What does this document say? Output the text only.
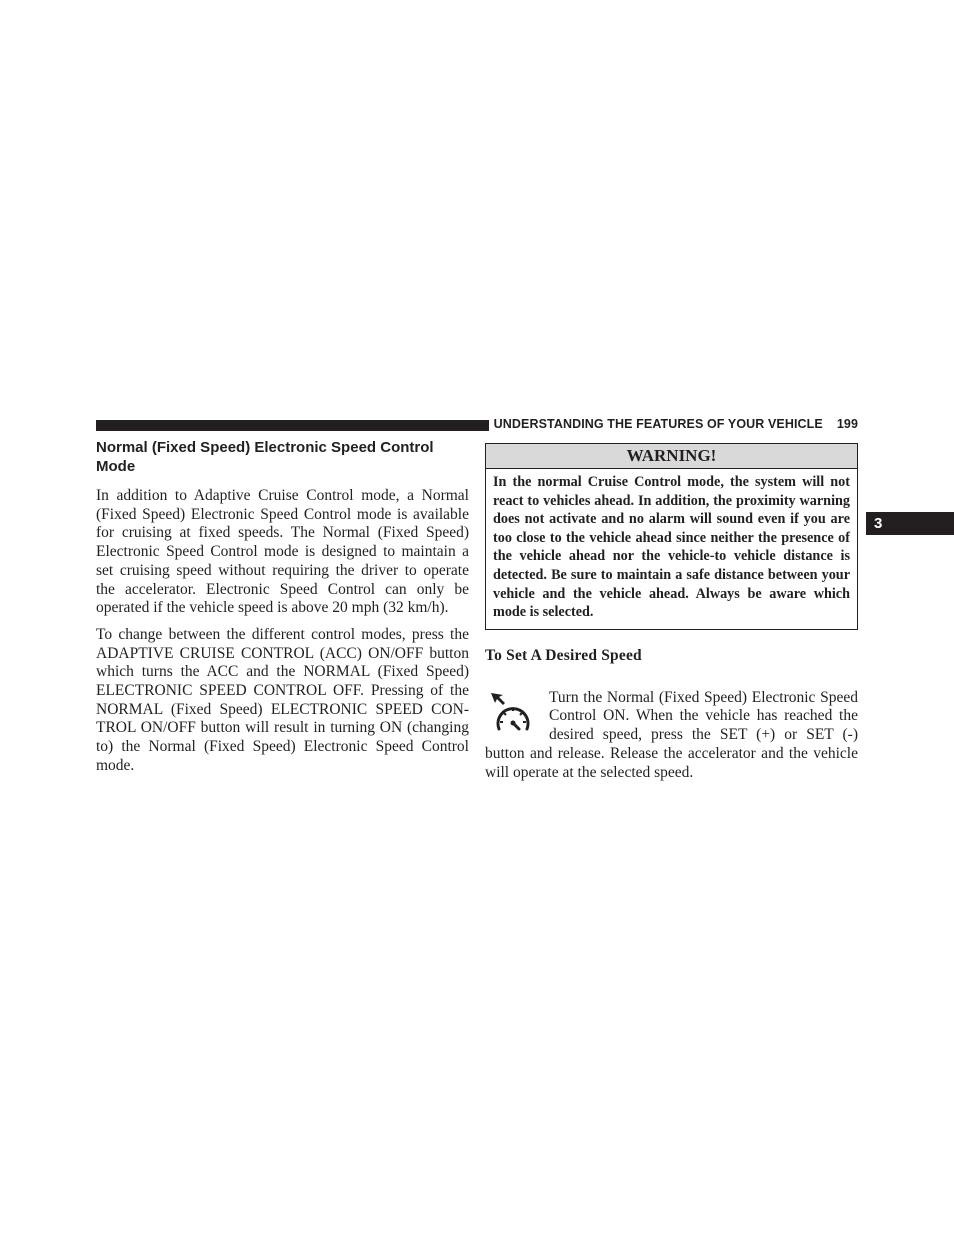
UNDERSTANDING THE FEATURES OF YOUR VEHICLE 199
3
Normal (Fixed Speed) Electronic Speed Control Mode

In addition to Adaptive Cruise Control mode, a Normal (Fixed Speed) Electronic Speed Control mode is available for cruising at fixed speeds. The Normal (Fixed Speed) Electronic Speed Control mode is designed to maintain a set cruising speed without requiring the driver to operate the accelerator. Electronic Speed Control can only be operated if the vehicle speed is above 20 mph (32 km/h).

To change between the different control modes, press the ADAPTIVE CRUISE CONTROL (ACC) ON/OFF button which turns the ACC and the NORMAL (Fixed Speed) ELECTRONIC SPEED CONTROL OFF. Pressing of the NORMAL (Fixed Speed) ELECTRONIC SPEED CONTROL ON/OFF button will result in turning ON (changing to) the Normal (Fixed Speed) Electronic Speed Control mode.

WARNING!
In the normal Cruise Control mode, the system will not react to vehicles ahead. In addition, the proximity warning does not activate and no alarm will sound even if you are too close to the vehicle ahead since neither the presence of the vehicle ahead nor the vehicle-to vehicle distance is detected. Be sure to maintain a safe distance between your vehicle and the vehicle ahead. Always be aware which mode is selected.
To Set A Desired Speed
Turn the Normal (Fixed Speed) Electronic Speed Control ON. When the vehicle has reached the desired speed, press the SET (+) or SET (-) button and release. Release the accelerator and the vehicle will operate at the selected speed.
